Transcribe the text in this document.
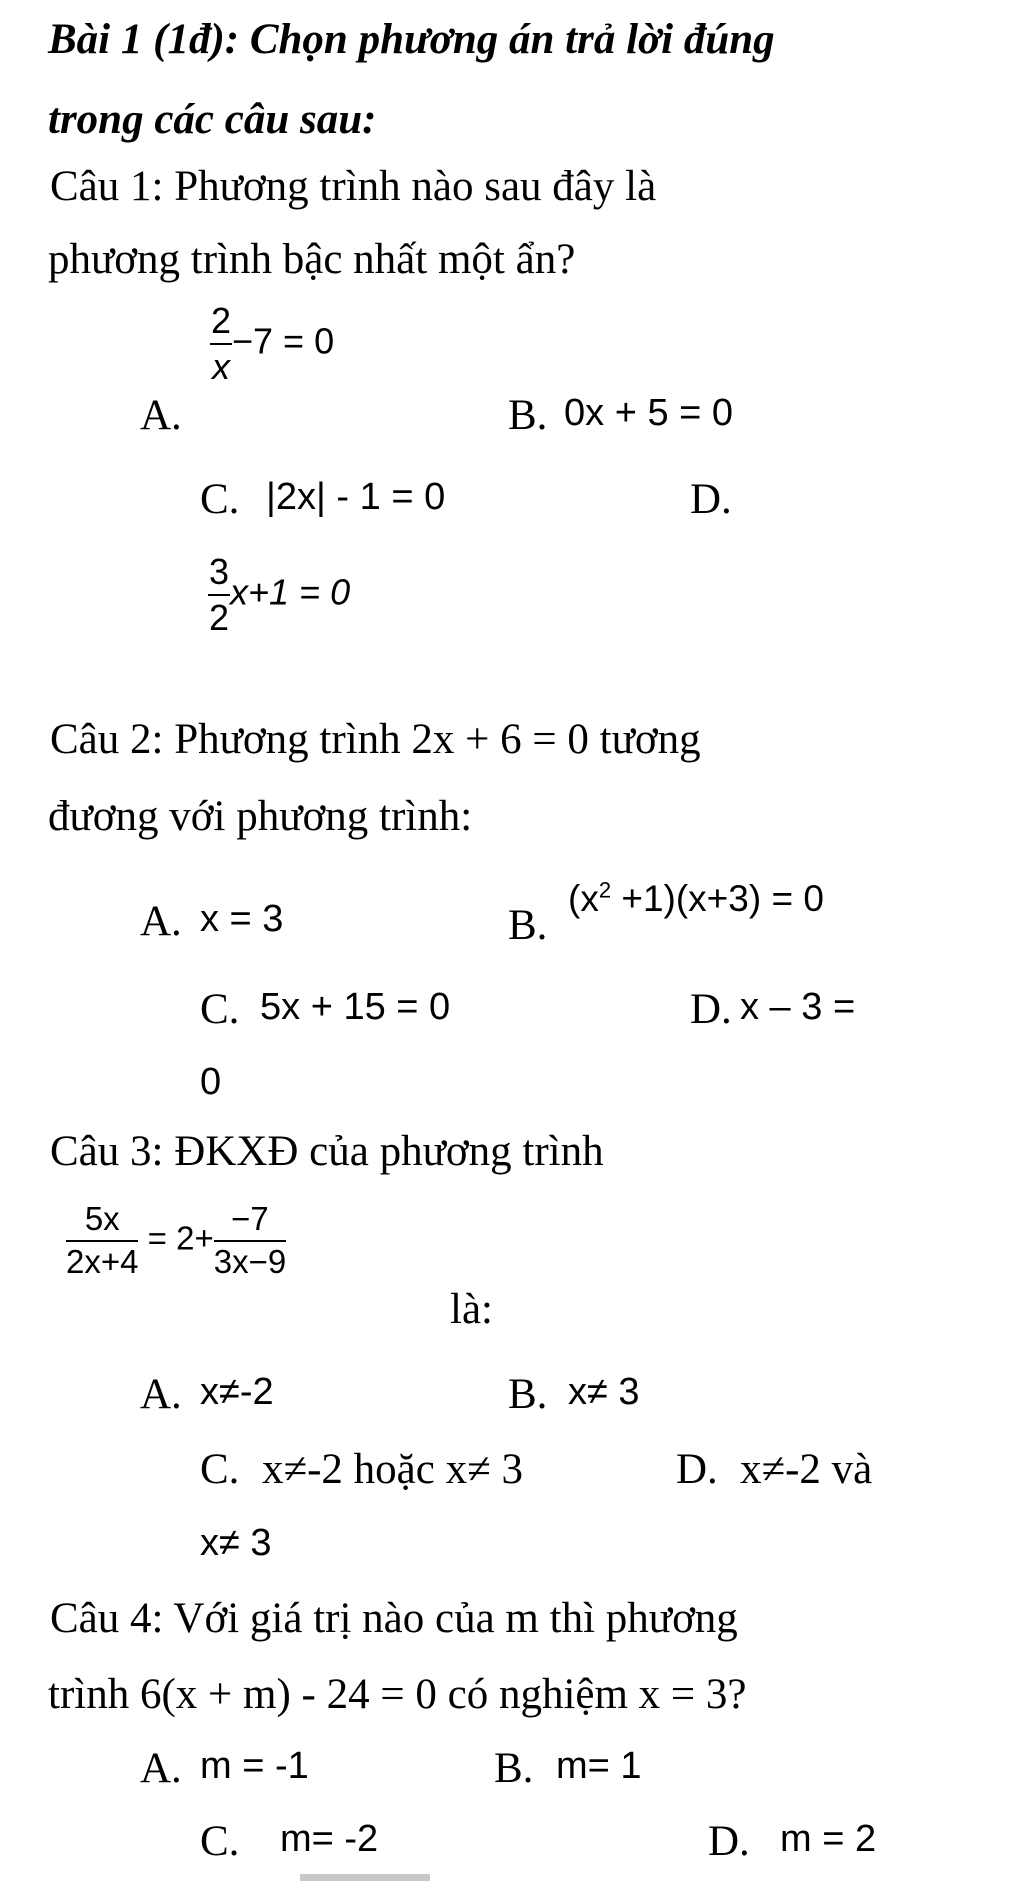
Bài 1 (1đ): Chọn phương án trả lời đúng
trong các câu sau:
Câu 1: Phương trình nào sau đây là
phương trình bậc nhất một ẩn?
A.
$\frac{2}{x} -7 = 0$
B. 0x + 5 = 0
C. |2x| - 1 = 0	D.
$\frac{3}{2} x+1 = 0$
Câu 2: Phương trình 2x + 6 = 0 tương
đương với phương trình:
A. x = 3	B.
$(x^2 +1)(x+3) = 0$
C. 5x + 15 = 0	D. x – 3 =
0
Câu 3: ĐKXĐ của phương trình
$\frac{5x}{2x+4} = 2+ \frac{-7}{3x-9}$
là:
A. x≠-2	B. x≠ 3
C. x≠-2 hoặc x≠ 3	D. x≠-2 và
x≠ 3
Câu 4: Với giá trị nào của m thì phương
trình 6(x + m) - 24 = 0 có nghiệm x = 3?
A. m = -1	B. m= 1
C. m= -2	D. m = 2
